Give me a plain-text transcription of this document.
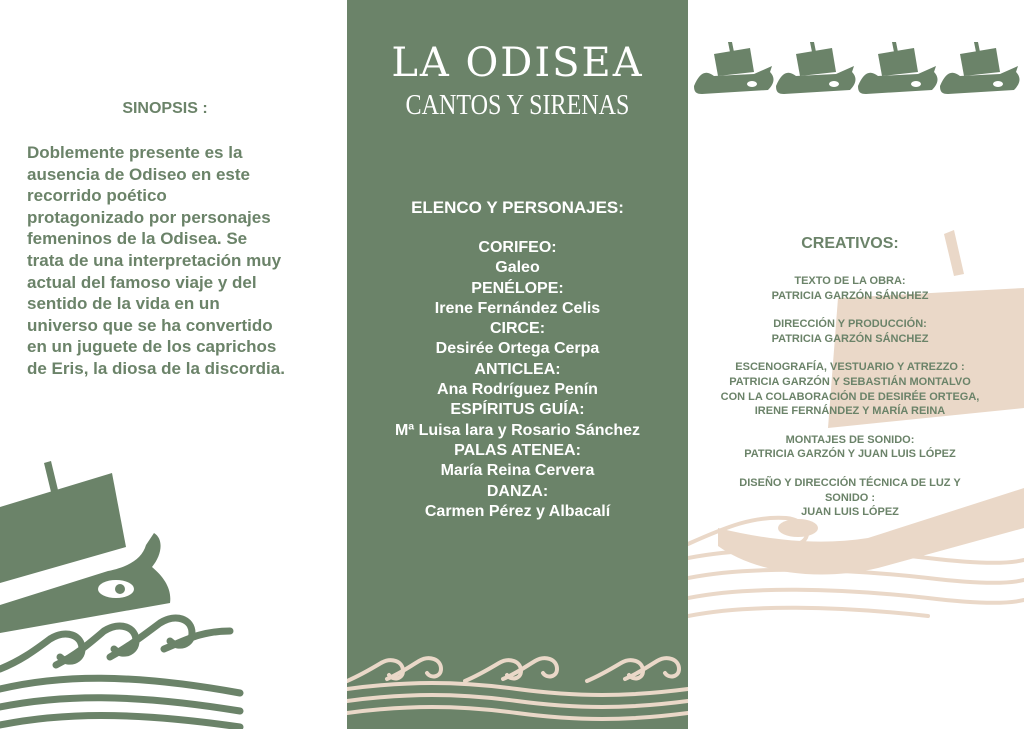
SINOPSIS :
Doblemente presente es la
ausencia de Odiseo en este
recorrido poético
protagonizado por personajes
femeninos de la Odisea. Se
trata de una interpretación muy
actual del famoso viaje y del
sentido de la vida en un
universo que se ha convertido
en un juguete de los caprichos
de Eris, la diosa de la discordia.
LA ODISEA
CANTOS Y SIRENAS
ELENCO Y PERSONAJES:
CORIFEO:
Galeo
PENÉLOPE:
Irene Fernández Celis
CIRCE:
Desirée Ortega Cerpa
ANTICLEA:
Ana Rodríguez Penín
ESPÍRITUS GUÍA:
Mª Luisa lara y Rosario Sánchez
PALAS ATENEA:
María Reina Cervera
DANZA:
Carmen Pérez y Albacalí
CREATIVOS:
TEXTO DE LA OBRA:
PATRICIA GARZÓN SÁNCHEZ
DIRECCIÓN Y PRODUCCIÓN:
PATRICIA GARZÓN SÁNCHEZ
ESCENOGRAFÍA, VESTUARIO Y ATREZZO :
PATRICIA GARZÓN Y SEBASTIÁN MONTALVO
CON LA COLABORACIÓN DE DESIRÉE ORTEGA,
IRENE FERNÁNDEZ Y MARÍA REINA
MONTAJES DE SONIDO:
PATRICIA GARZÓN Y JUAN LUIS LÓPEZ
DISEÑO Y DIRECCIÓN TÉCNICA DE LUZ Y
SONIDO :
JUAN LUIS LÓPEZ
